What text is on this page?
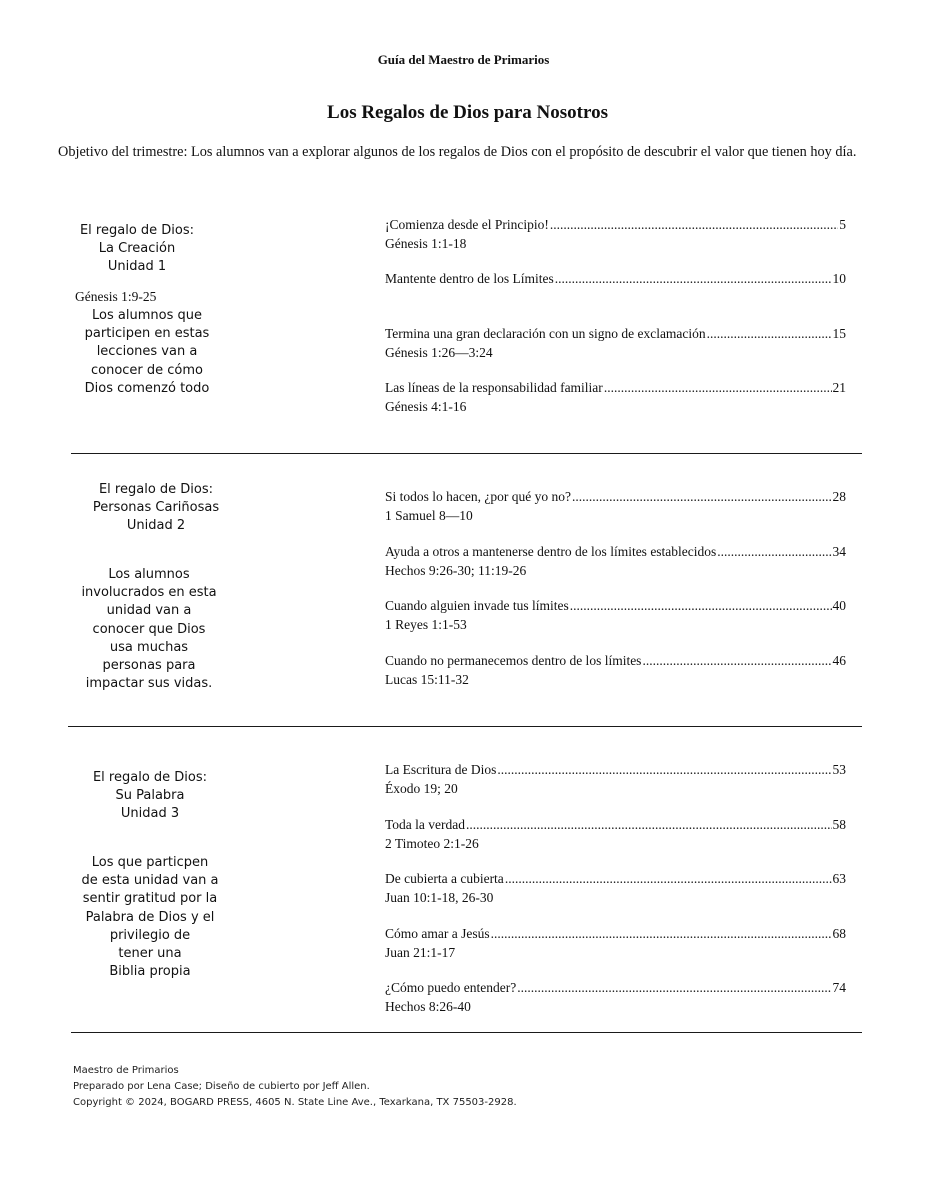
Guía del Maestro de Primarios
Los Regalos de Dios para Nosotros
Objetivo del trimestre: Los alumnos van a explorar algunos de los regalos de Dios con el propósito de descubrir el valor que tienen hoy día.
El regalo de Dios:
La Creación
Unidad 1
Génesis 1:9-25
Los alumnos que
participen en estas
lecciones van a
conocer de cómo
Dios comenzó todo
¡Comienza desde el Principio! .....	5
Génesis 1:1-18
Mantente dentro de los Límites .....	10
Termina una gran declaración con un signo de exclamación .....	15
Génesis 1:26—3:24
Las líneas de la responsabilidad familiar .....	21
Génesis 4:1-16
El regalo de Dios:
Personas Cariñosas
Unidad 2
Los alumnos
involucrados en esta
unidad van a
conocer que Dios
usa muchas
personas para
impactar sus vidas.
Si todos lo hacen, ¿por qué yo no? .....	28
1 Samuel 8—10
Ayuda a otros a mantenerse dentro de los límites establecidos .....	34
Hechos 9:26-30; 11:19-26
Cuando alguien invade tus límites .....	40
1 Reyes 1:1-53
Cuando no permanecemos dentro de los límites .....	46
Lucas 15:11-32
El regalo de Dios:
Su Palabra
Unidad 3
Los que particpen
de esta unidad van a
sentir gratitud por la
Palabra de Dios y el
privilegio de
tener una
Biblia propia
La Escritura de Dios .....	53
Éxodo 19; 20
Toda la verdad .....	58
2 Timoteo 2:1-26
De cubierta a cubierta .....	63
Juan 10:1-18, 26-30
Cómo amar a Jesús .....	68
Juan 21:1-17
¿Cómo puedo entender? .....	74
Hechos 8:26-40
Maestro de Primarios
Preparado por Lena Case; Diseño de cubierto por Jeff Allen.
Copyright © 2024, BOGARD PRESS, 4605 N. State Line Ave., Texarkana, TX 75503-2928.
